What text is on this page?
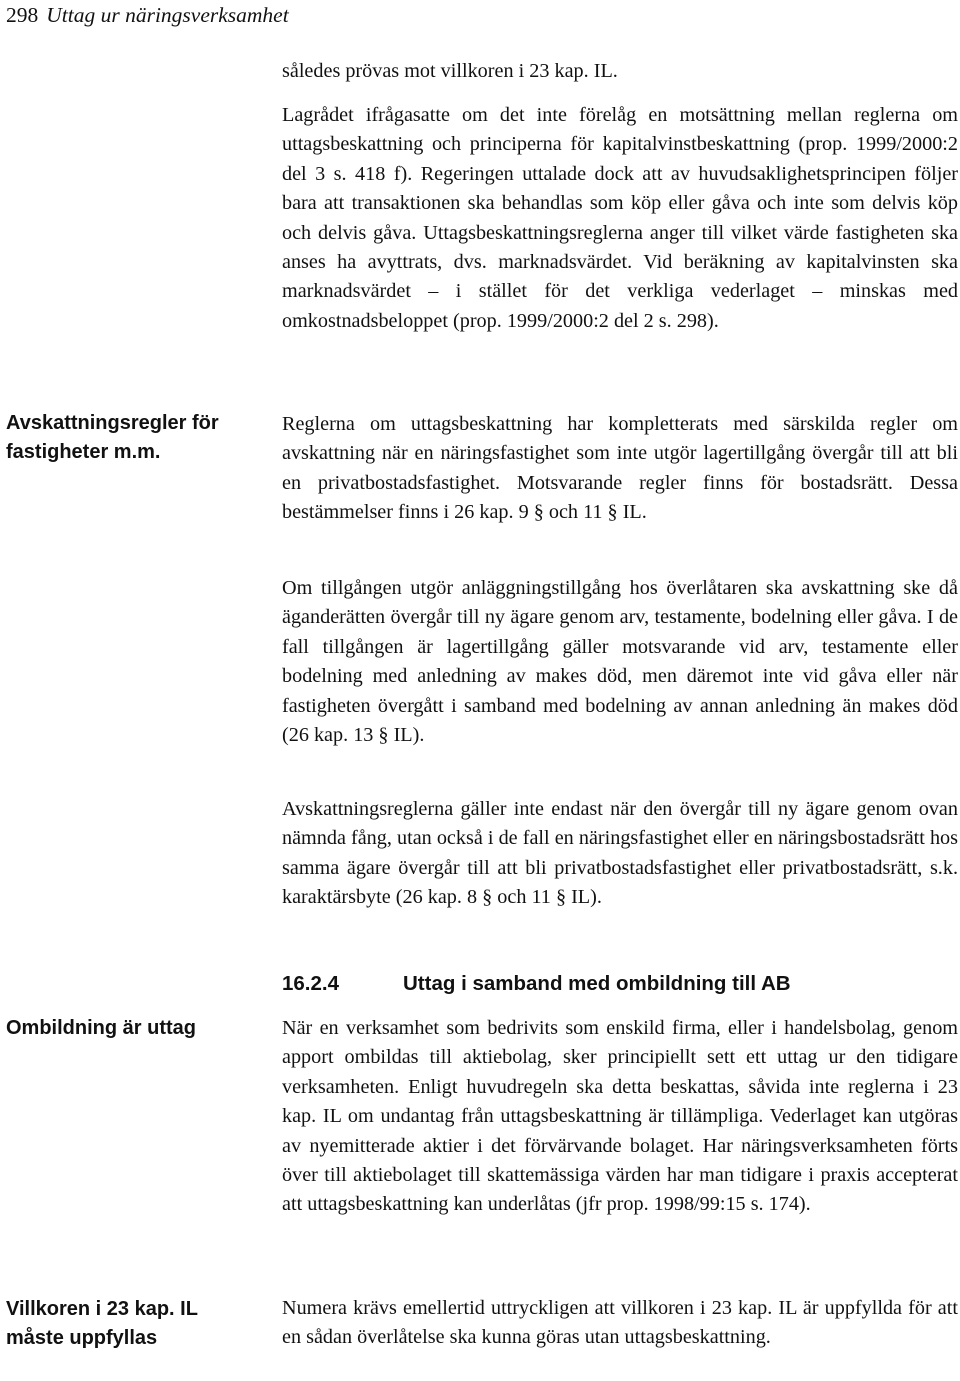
298 Uttag ur näringsverksamhet
Avskattningsregler för fastigheter m.m.
Ombildning är uttag
Villkoren i 23 kap. IL måste uppfyllas

således prövas mot villkoren i 23 kap. IL.

Lagrådet ifrågasatte om det inte förelåg en motsättning mellan reglerna om uttagsbeskattning och principerna för kapitalvinstbeskattning (prop. 1999/2000:2 del 3 s. 418 f). Regeringen uttalade dock att av huvudsaklighetsprincipen följer bara att transaktionen ska behandlas som köp eller gåva och inte som delvis köp och delvis gåva. Uttagsbeskattningsreglerna anger till vilket värde fastigheten ska anses ha avyttrats, dvs. marknadsvärdet. Vid beräkning av kapitalvinsten ska marknadsvärdet – i stället för det verkliga vederlaget – minskas med omkostnadsbeloppet (prop. 1999/2000:2 del 2 s. 298).

Reglerna om uttagsbeskattning har kompletterats med särskilda regler om avskattning när en näringsfastighet som inte utgör lagertillgång övergår till att bli en privatbostadsfastighet. Motsvarande regler finns för bostadsrätt. Dessa bestämmelser finns i 26 kap. 9 § och 11 § IL.

Om tillgången utgör anläggningstillgång hos överlåtaren ska avskattning ske då äganderätten övergår till ny ägare genom arv, testamente, bodelning eller gåva. I de fall tillgången är lagertillgång gäller motsvarande vid arv, testamente eller bodelning med anledning av makes död, men däremot inte vid gåva eller när fastigheten övergått i samband med bodelning av annan anledning än makes död (26 kap. 13 § IL).

Avskattningsreglerna gäller inte endast när den övergår till ny ägare genom ovan nämnda fång, utan också i de fall en näringsfastighet eller en näringsbostadsrätt hos samma ägare övergår till att bli privatbostadsfastighet eller privatbostadsrätt, s.k. karaktärsbyte (26 kap. 8 § och 11 § IL).

16.2.4	Uttag i samband med ombildning till AB

När en verksamhet som bedrivits som enskild firma, eller i handelsbolag, genom apport ombildas till aktiebolag, sker principiellt sett ett uttag ur den tidigare verksamheten. Enligt huvudregeln ska detta beskattas, såvida inte reglerna i 23 kap. IL om undantag från uttagsbeskattning är tillämpliga. Vederlaget kan utgöras av nyemitterade aktier i det förvärvande bolaget. Har näringsverksamheten förts över till aktiebolaget till skattemässiga värden har man tidigare i praxis accepterat att uttagsbeskattning kan underlåtas (jfr prop. 1998/99:15 s. 174).

Numera krävs emellertid uttryckligen att villkoren i 23 kap. IL är uppfyllda för att en sådan överlåtelse ska kunna göras utan uttagsbeskattning.
